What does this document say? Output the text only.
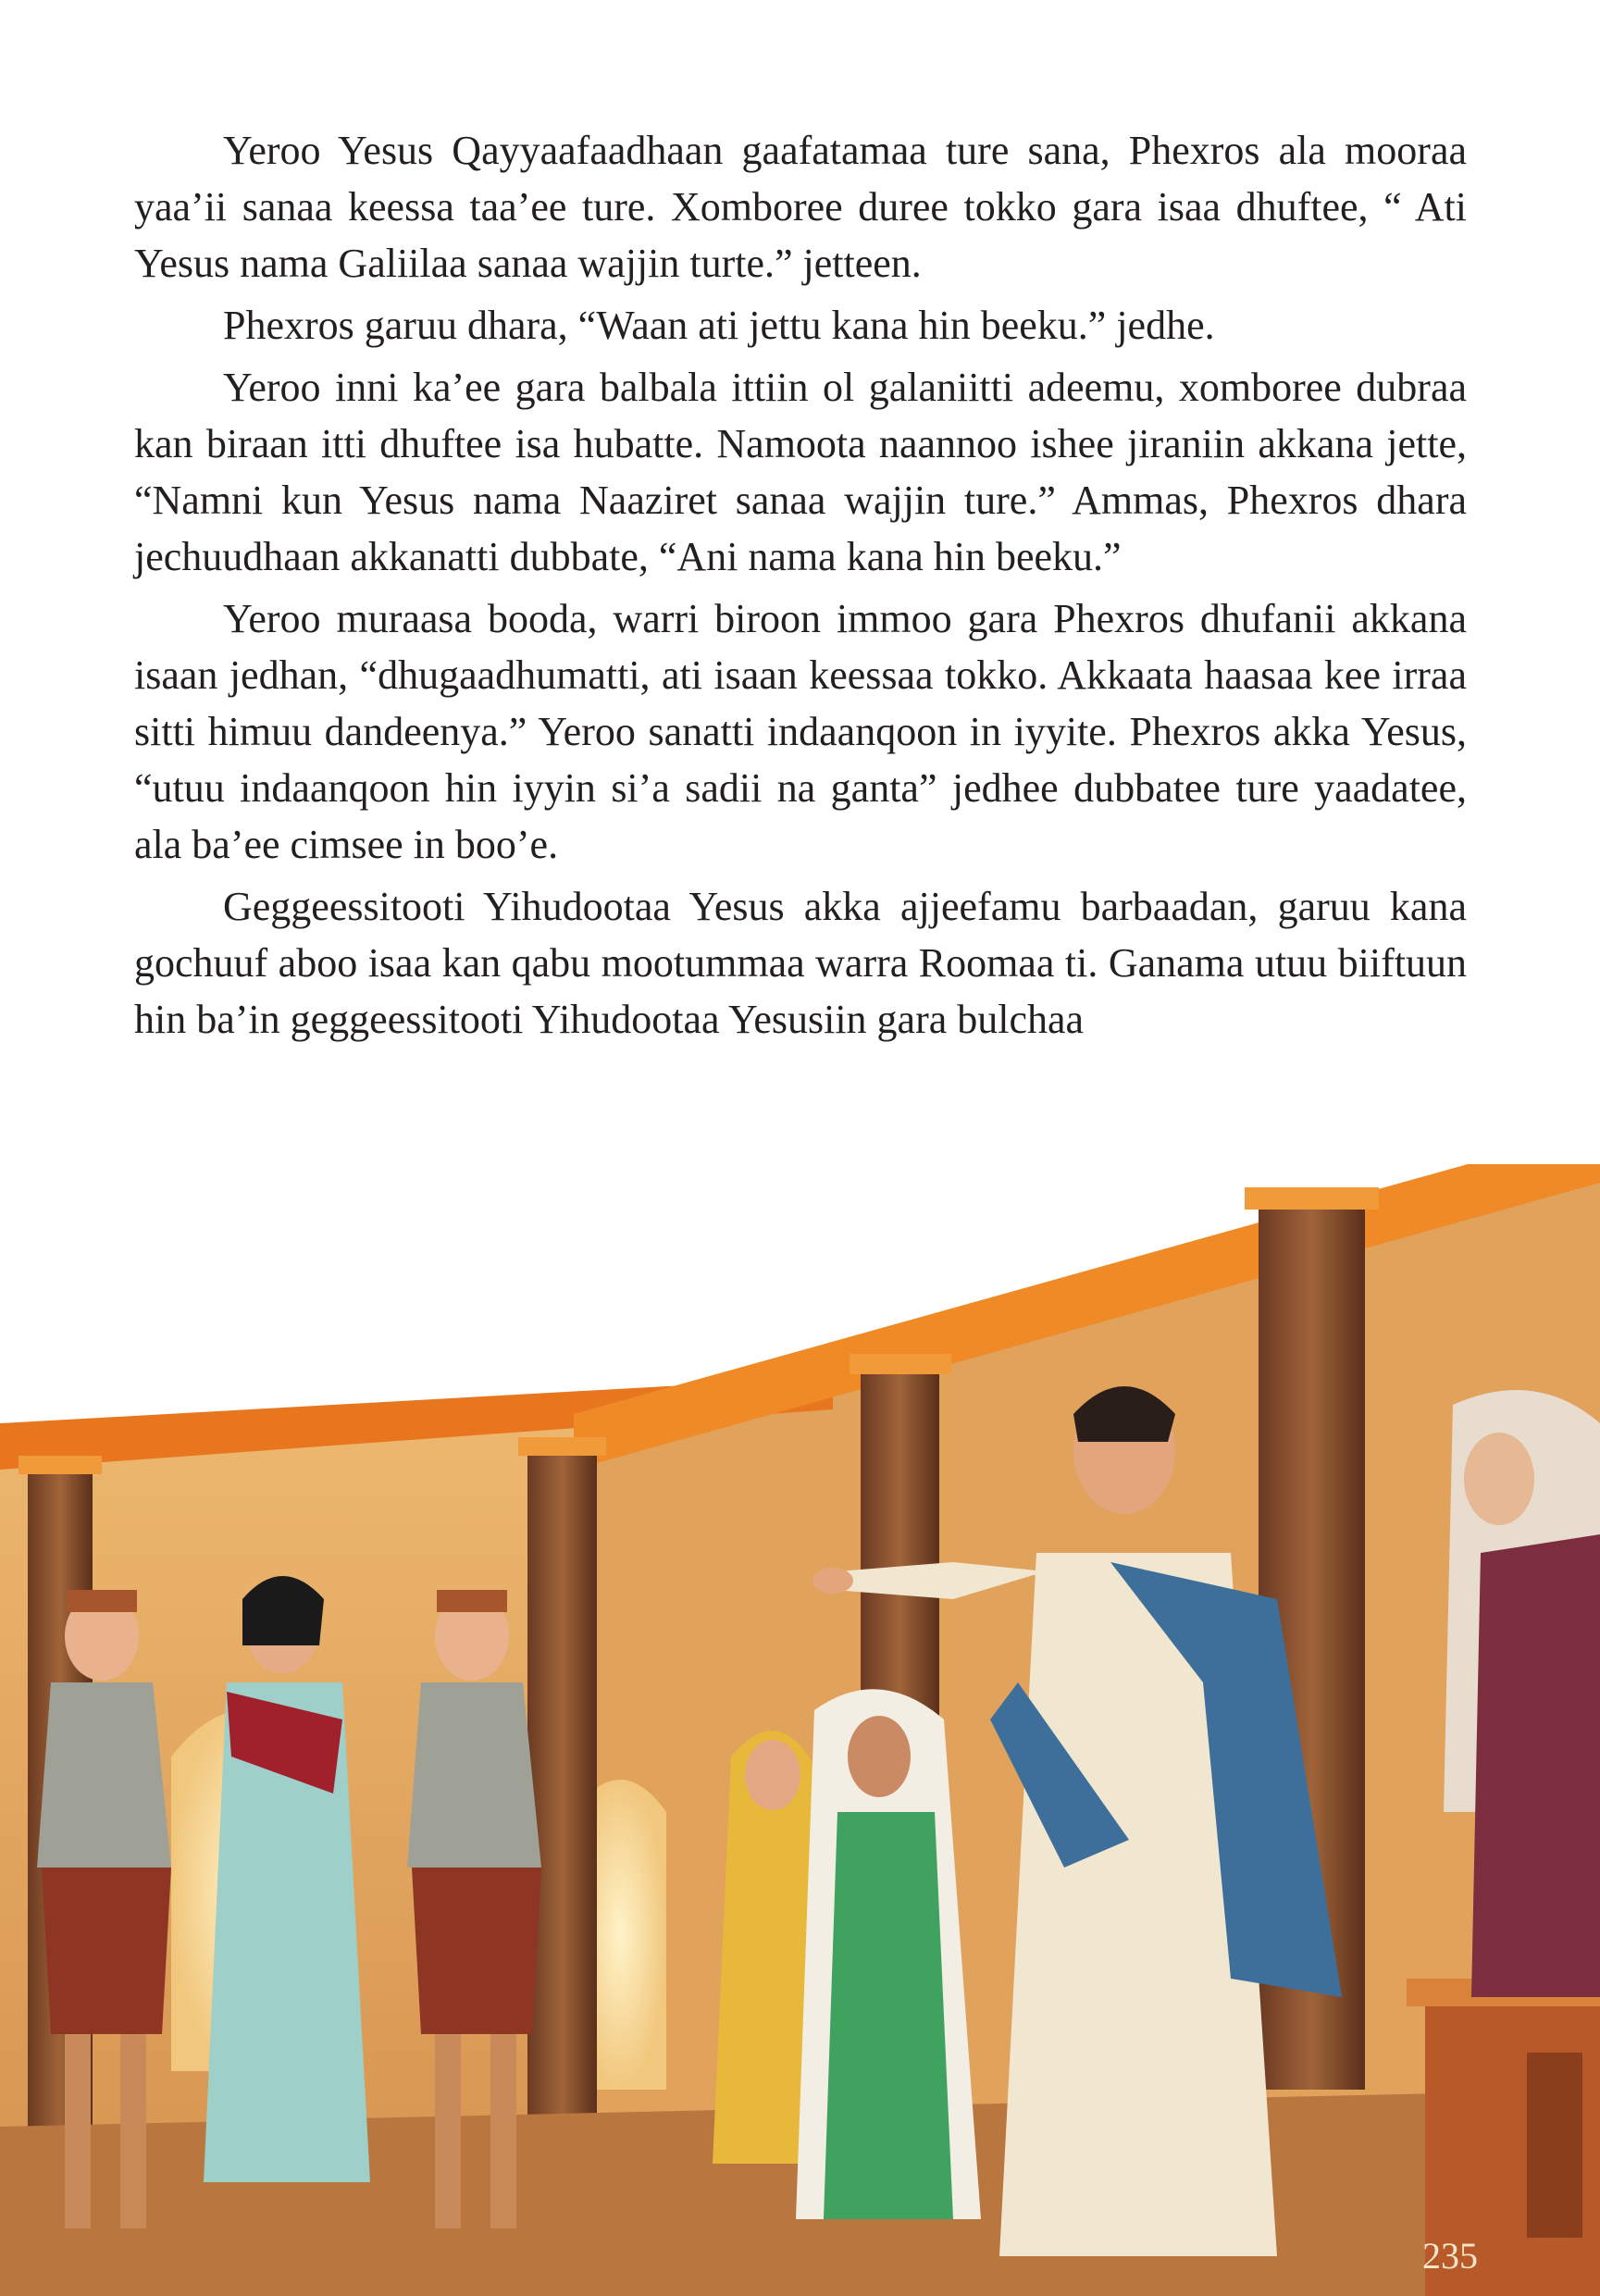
Yeroo Yesus Qayyaafaadhaan gaafatamaa ture sana, Phexros ala mooraa yaa’ii sanaa keessa taa’ee ture. Xomboree duree tokko gara isaa dhuftee, “ Ati Yesus nama Galiilaa sanaa wajjin turte.” jetteen.

Phexros garuu dhara, “Waan ati jettu kana hin beeku.” jedhe.

Yeroo inni ka’ee gara balbala ittiin ol galaniitti adeemu, xomboree dubraa kan biraan itti dhuftee isa hubatte. Namoota naannoo ishee jiraniin akkana jette, “Namni kun Yesus nama Naaziret sanaa wajjin ture.” Ammas, Phexros dhara jechuudhaan akkanatti dubbate, “Ani nama kana hin beeku.”

Yeroo muraasa booda, warri biroon immoo gara Phexros dhufanii akkana isaan jedhan, “dhugaadhumatti, ati isaan keessaa tokko. Akkaata haasaa kee irraa sitti himuu dandeenya.” Yeroo sanatti indaanqoon in iyyite. Phexros akka Yesus, “utuu indaanqoon hin iyyin si’a sadii na ganta” jedhee dubbatee ture yaadatee, ala ba’ee cimsee in boo’e.

Geggeessitooti Yihudootaa Yesus akka ajjeefamu barbaadan, garuu kana gochuuf aboo isaa kan qabu mootummaa warra Roomaa ti. Ganama utuu biiftuun hin ba’in geggeessitooti Yihudootaa Yesusiin gara bulchaa

235
